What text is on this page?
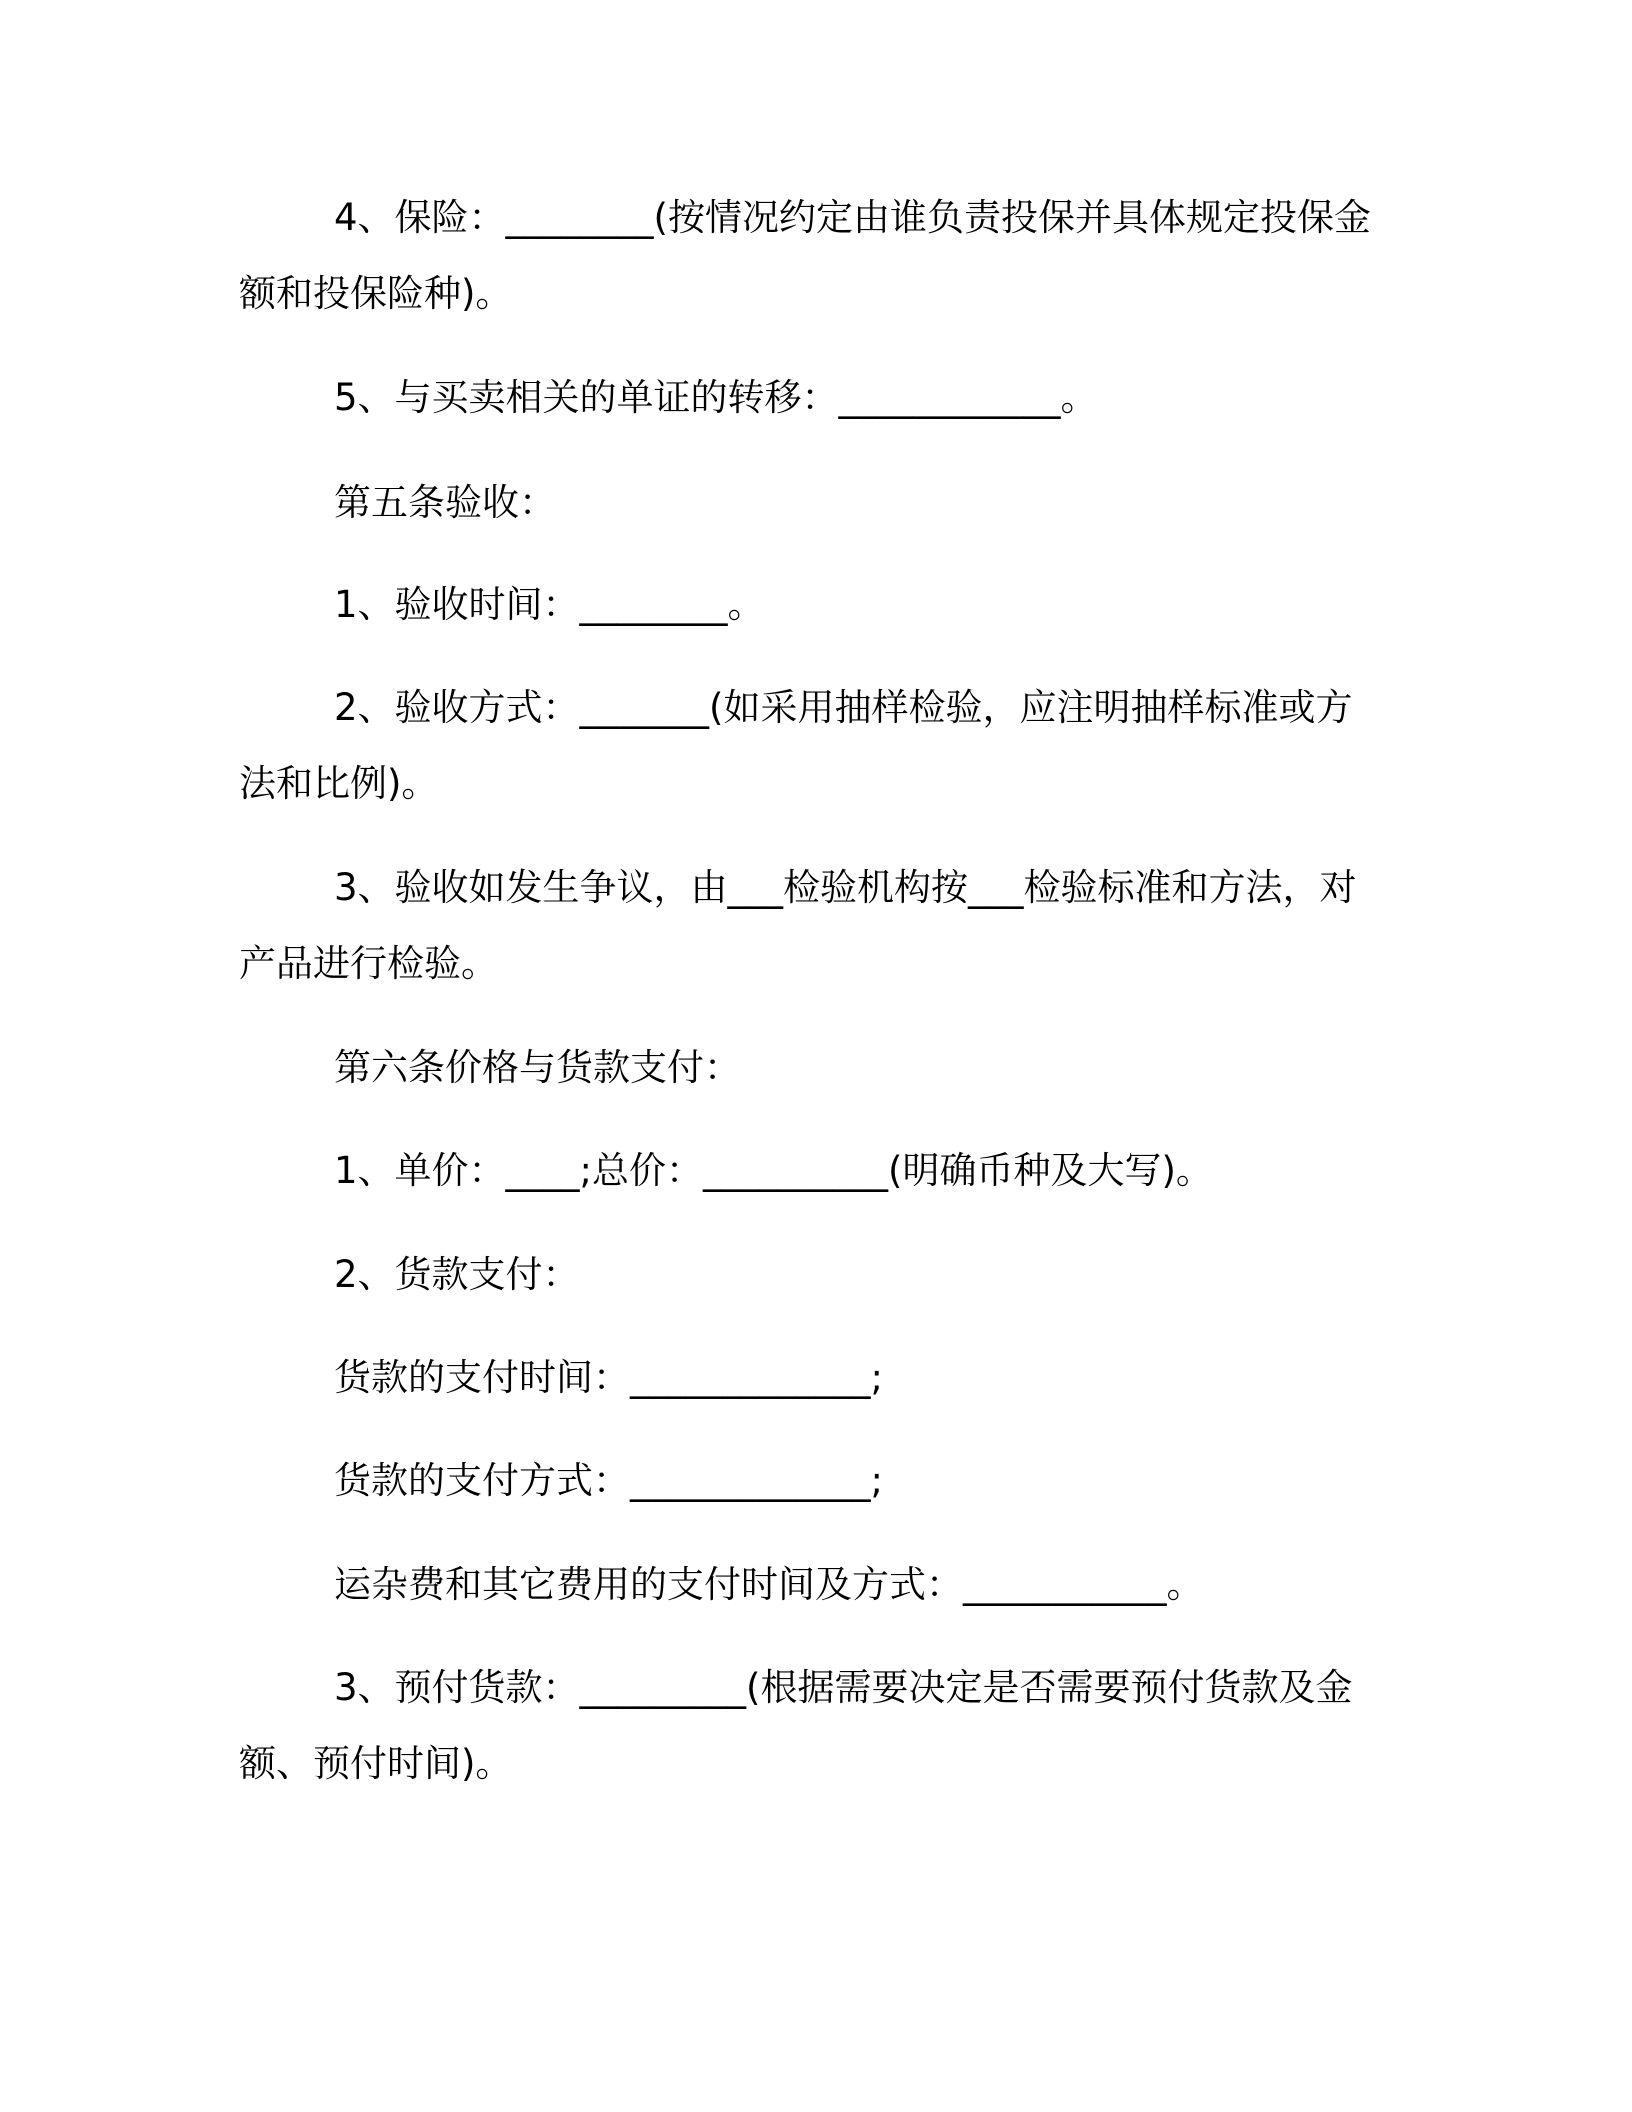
4、保险：________(按情况约定由谁负责投保并具体规定投保金额和投保险种)。

5、与买卖相关的单证的转移：____________。

第五条验收：

1、验收时间：________。

2、验收方式：_______(如采用抽样检验，应注明抽样标准或方法和比例)。

3、验收如发生争议，由___检验机构按___检验标准和方法，对产品进行检验。

第六条价格与货款支付：

1、单价：____;总价：__________(明确币种及大写)。

2、货款支付：

货款的支付时间：_____________;

货款的支付方式：_____________;

运杂费和其它费用的支付时间及方式：___________。

3、预付货款：_________(根据需要决定是否需要预付货款及金额、预付时间)。
